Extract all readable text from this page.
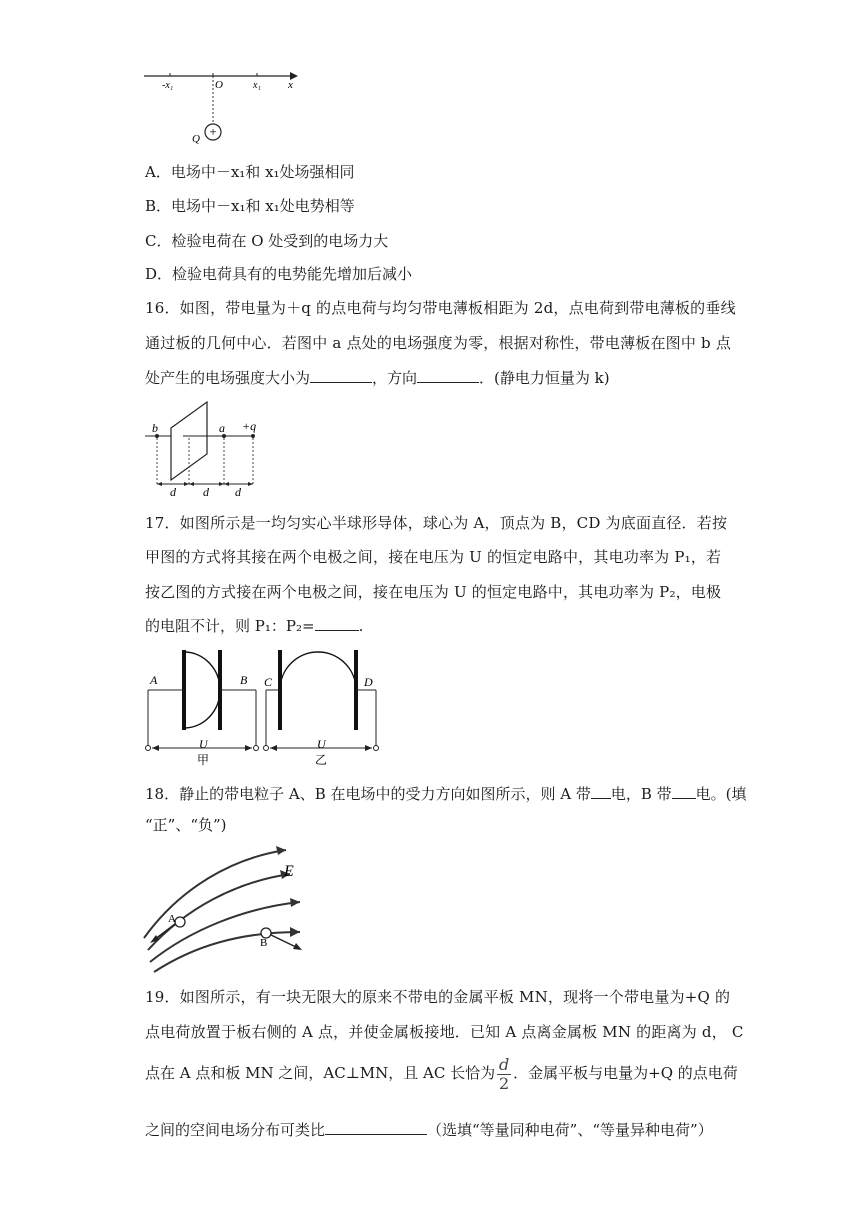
-x₁	O	x₁ x
+
Q
A．电场中－x₁和 x₁处场强相同
B．电场中－x₁和 x₁处电势相等
C．检验电荷在 O 处受到的电场力大
D．检验电荷具有的电势能先增加后减小
16．如图，带电量为＋q 的点电荷与均匀带电薄板相距为 2d，点电荷到带电薄板的垂线
通过板的几何中心．若图中 a 点处的电场强度为零，根据对称性，带电薄板在图中 b 点
处产生的电场强度大小为	，方向	．(静电力恒量为 k)
b	a +q
d d d
17．如图所示是一均匀实心半球形导体，球心为 A，顶点为 B，CD 为底面直径．若按
甲图的方式将其接在两个电极之间，接在电压为 U 的恒定电路中，其电功率为 P₁，若
按乙图的方式接在两个电极之间，接在电压为 U 的恒定电路中，其电功率为 P₂，电极
的电阻不计，则 P₁：P₂=	.
A	B
U
甲
C	D
U
乙
18．静止的带电粒子 A、B 在电场中的受力方向如图所示，则 A 带 电，B 带 电。(填
“正”、“负”)
E
A
B
19．如图所示，有一块无限大的原来不带电的金属平板 MN，现将一个带电量为+Q 的
点电荷放置于板右侧的 A 点，并使金属板接地．已知 A 点离金属板 MN 的距离为 d， C
点在 A 点和板 MN 之间，AC⊥MN，且 AC 长恰为 $\frac{d}{2}$ ．金属平板与电量为+Q 的点电荷
之间的空间电场分布可类比	（选填“等量同种电荷”、“等量异种电荷”）
